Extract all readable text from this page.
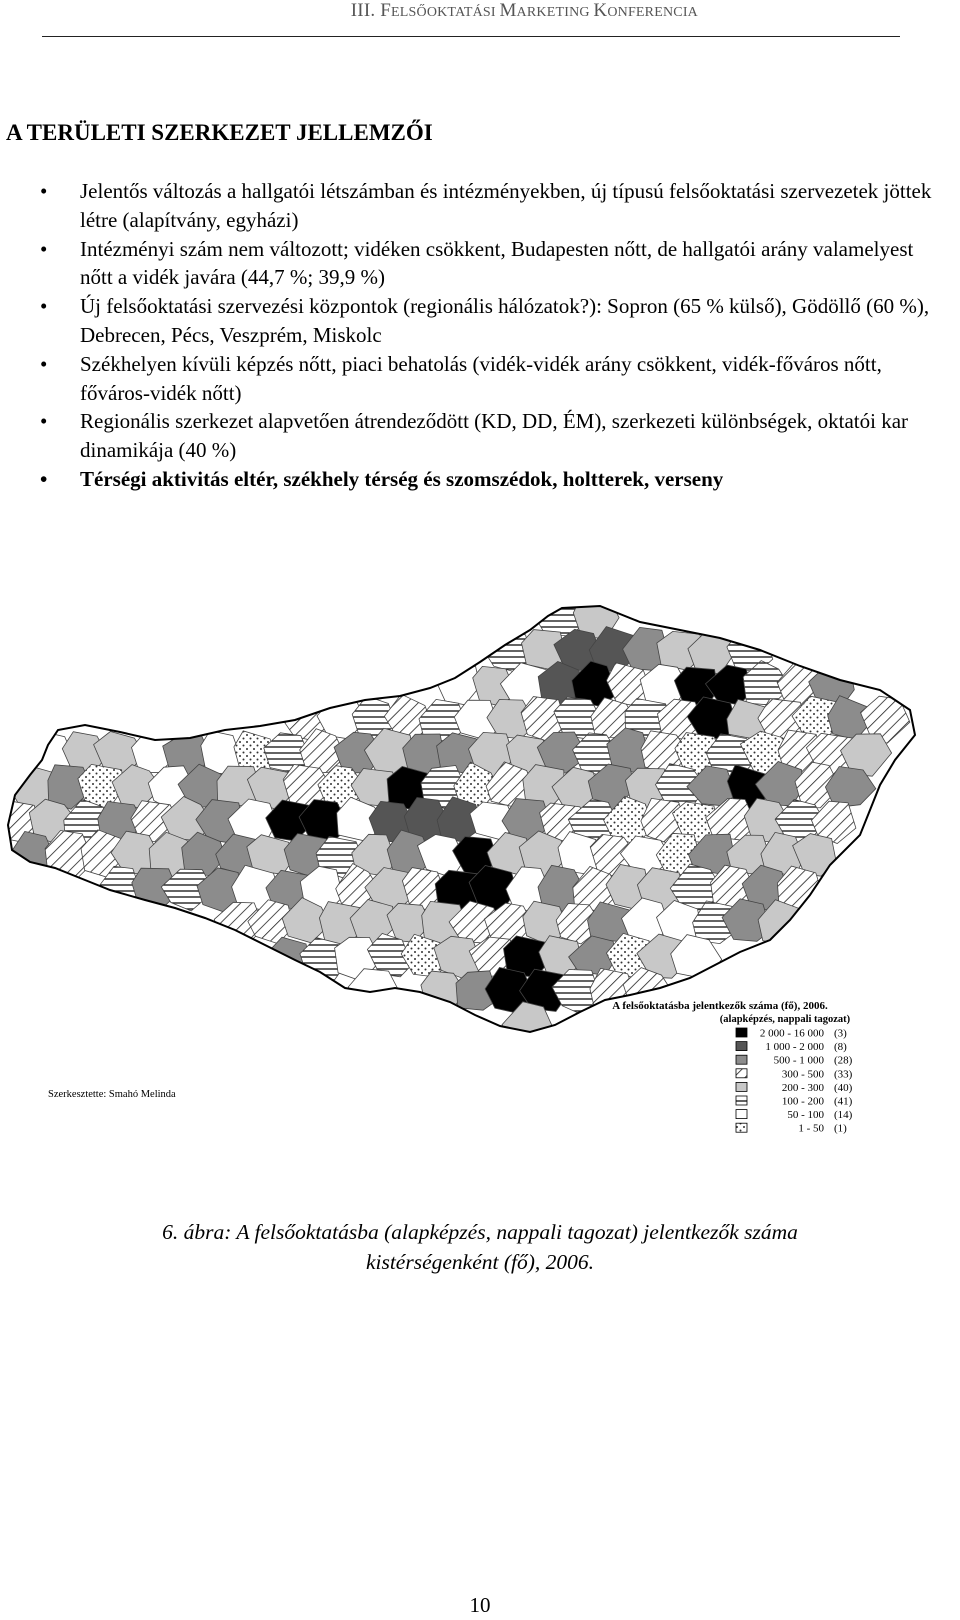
III. FELSŐOKTATÁSI MARKETING KONFERENCIA
A TERÜLETI SZERKEZET JELLEMZŐI
• Jelentős változás a hallgatói létszámban és intézményekben, új típusú felsőoktatási szervezetek jöttek létre (alapítvány, egyházi)
• Intézményi szám nem változott; vidéken csökkent, Budapesten nőtt, de hallgatói arány valamelyest nőtt a vidék javára (44,7 %; 39,9 %)
• Új felsőoktatási szervezési központok (regionális hálózatok?): Sopron (65 % külső), Gödöllő (60 %), Debrecen, Pécs, Veszprém, Miskolc
• Székhelyen kívüli képzés nőtt, piaci behatolás (vidék-vidék arány csökkent, vidék-főváros nőtt, főváros-vidék nőtt)
• Regionális szerkezet alapvetően átrendeződött (KD, DD, ÉM), szerkezeti különbségek, oktatói kar dinamikája (40 %)
• Térségi aktivitás eltér, székhely térség és szomszédok, holtterek, verseny
Szerkesztette: Smahó Melinda
A felsőoktatásba jelentkezők száma (fő), 2006.
(alapképzés, nappali tagozat)
2 000 - 16 000 (3)
1 000 - 2 000 (8)
500 - 1 000 (28)
300 - 500 (33)
200 - 300 (40)
100 - 200 (41)
50 - 100 (14)
1 - 50 (1)
6. ábra: A felsőoktatásba (alapképzés, nappali tagozat) jelentkezők száma
kistérségenként (fő), 2006.
10
